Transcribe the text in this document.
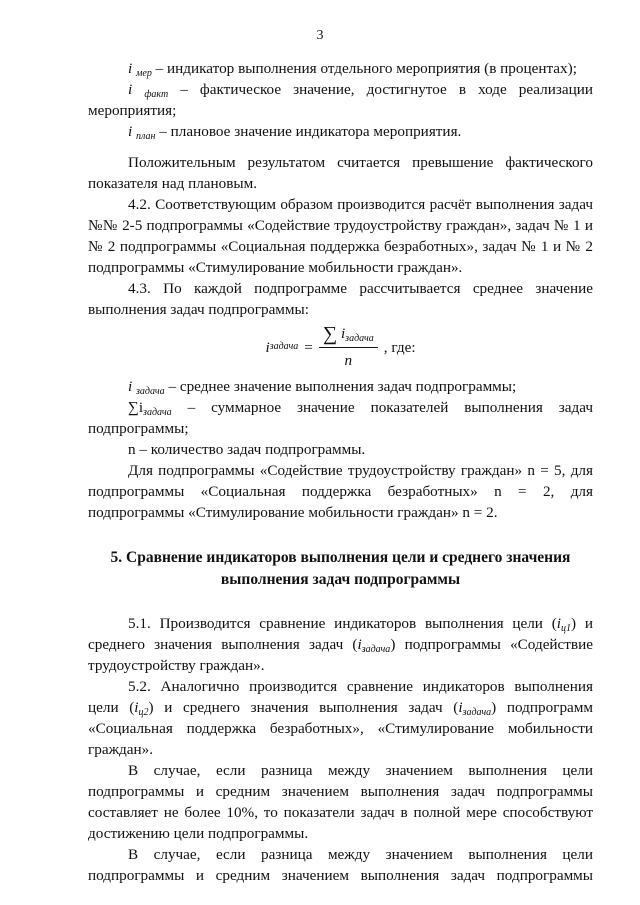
3

i $_{мер}$ – индикатор выполнения отдельного мероприятия (в процентах);

i $_{факт}$ – фактическое значение, достигнутое в ходе реализации мероприятия;

i $_{план}$ – плановое значение индикатора мероприятия.

Положительным результатом считается превышение фактического показателя над плановым.

4.2. Соответствующим образом производится расчёт выполнения задач №№ 2-5 подпрограммы «Содействие трудоустройству граждан», задач № 1 и № 2 подпрограммы «Социальная поддержка безработных», задач № 1 и № 2 подпрограммы «Стимулирование мобильности граждан».

4.3. По каждой подпрограмме рассчитывается среднее значение выполнения задач подпрограммы:

i задача = $\frac{\sum i_{задача}}{n}$ , где:

i $_{задача}$ – среднее значение выполнения задач подпрограммы;

$\sum i_{задача}$ – суммарное значение показателей выполнения задач подпрограммы;

n – количество задач подпрограммы.

Для подпрограммы «Содействие трудоустройству граждан» n = 5, для подпрограммы «Социальная поддержка безработных» n = 2, для подпрограммы «Стимулирование мобильности граждан» n = 2.

5. Сравнение индикаторов выполнения цели и среднего значения выполнения задач подпрограммы

5.1. Производится сравнение индикаторов выполнения цели $(i_{ц1})$ и среднего значения выполнения задач $(i_{задача})$ подпрограммы «Содействие трудоустройству граждан».

5.2. Аналогично производится сравнение индикаторов выполнения цели $(i_{ц2})$ и среднего значения выполнения задач $(i_{задача})$ подпрограмм «Социальная поддержка безработных», «Стимулирование мобильности граждан».

В случае, если разница между значением выполнения цели подпрограммы и средним значением выполнения задач подпрограммы составляет не более 10%, то показатели задач в полной мере способствуют достижению цели подпрограммы.

В случае, если разница между значением выполнения цели подпрограммы и средним значением выполнения задач подпрограммы
